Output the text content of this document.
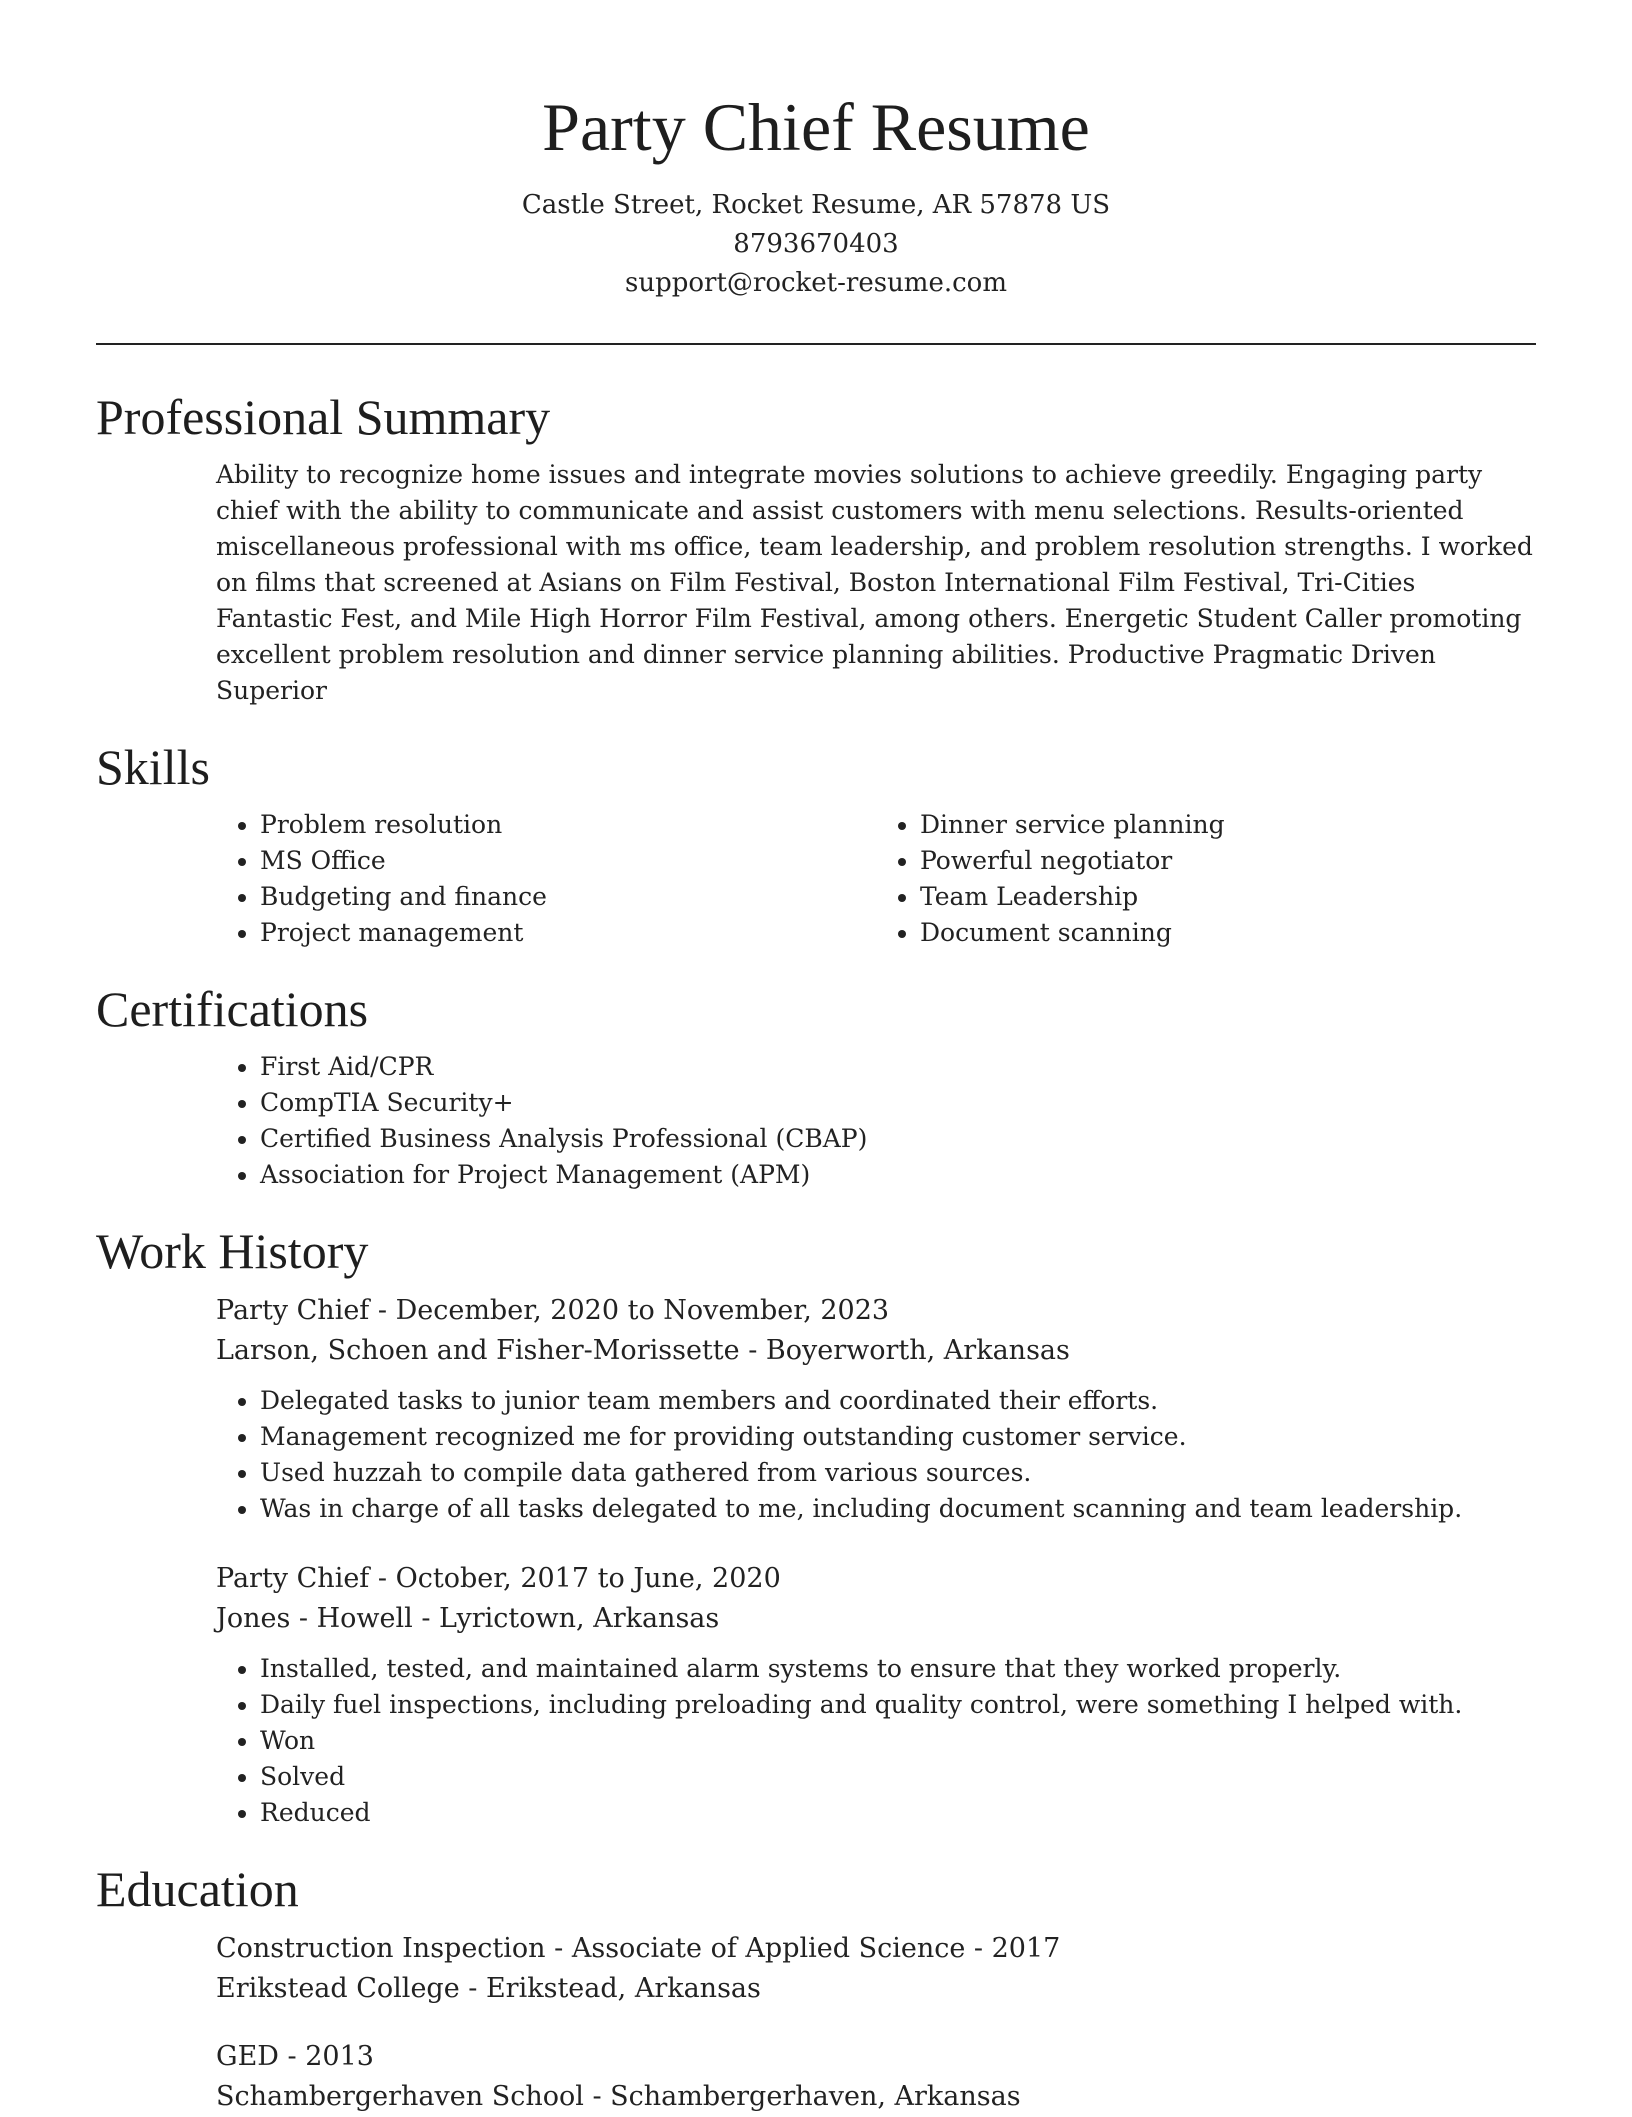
Party Chief Resume
Castle Street, Rocket Resume, AR 57878 US
8793670403
support@rocket-resume.com
Professional Summary

Ability to recognize home issues and integrate movies solutions to achieve greedily. Engaging party chief with the ability to communicate and assist customers with menu selections. Results-oriented miscellaneous professional with ms office, team leadership, and problem resolution strengths. I worked on films that screened at Asians on Film Festival, Boston International Film Festival, Tri-Cities Fantastic Fest, and Mile High Horror Film Festival, among others. Energetic Student Caller promoting excellent problem resolution and dinner service planning abilities. Productive Pragmatic Driven Superior

Skills
• Problem resolution
• MS Office
• Budgeting and finance
• Project management
• Dinner service planning
• Powerful negotiator
• Team Leadership
• Document scanning
Certifications
• First Aid/CPR
• CompTIA Security+
• Certified Business Analysis Professional (CBAP)
• Association for Project Management (APM)
Work History
Party Chief - December, 2020 to November, 2023
Larson, Schoen and Fisher-Morissette - Boyerworth, Arkansas
• Delegated tasks to junior team members and coordinated their efforts.
• Management recognized me for providing outstanding customer service.
• Used huzzah to compile data gathered from various sources.
• Was in charge of all tasks delegated to me, including document scanning and team leadership.
Party Chief - October, 2017 to June, 2020
Jones - Howell - Lyrictown, Arkansas
• Installed, tested, and maintained alarm systems to ensure that they worked properly.
• Daily fuel inspections, including preloading and quality control, were something I helped with.
• Won
• Solved
• Reduced
Education
Construction Inspection - Associate of Applied Science - 2017
Erikstead College - Erikstead, Arkansas
GED - 2013
Schambergerhaven School - Schambergerhaven, Arkansas
